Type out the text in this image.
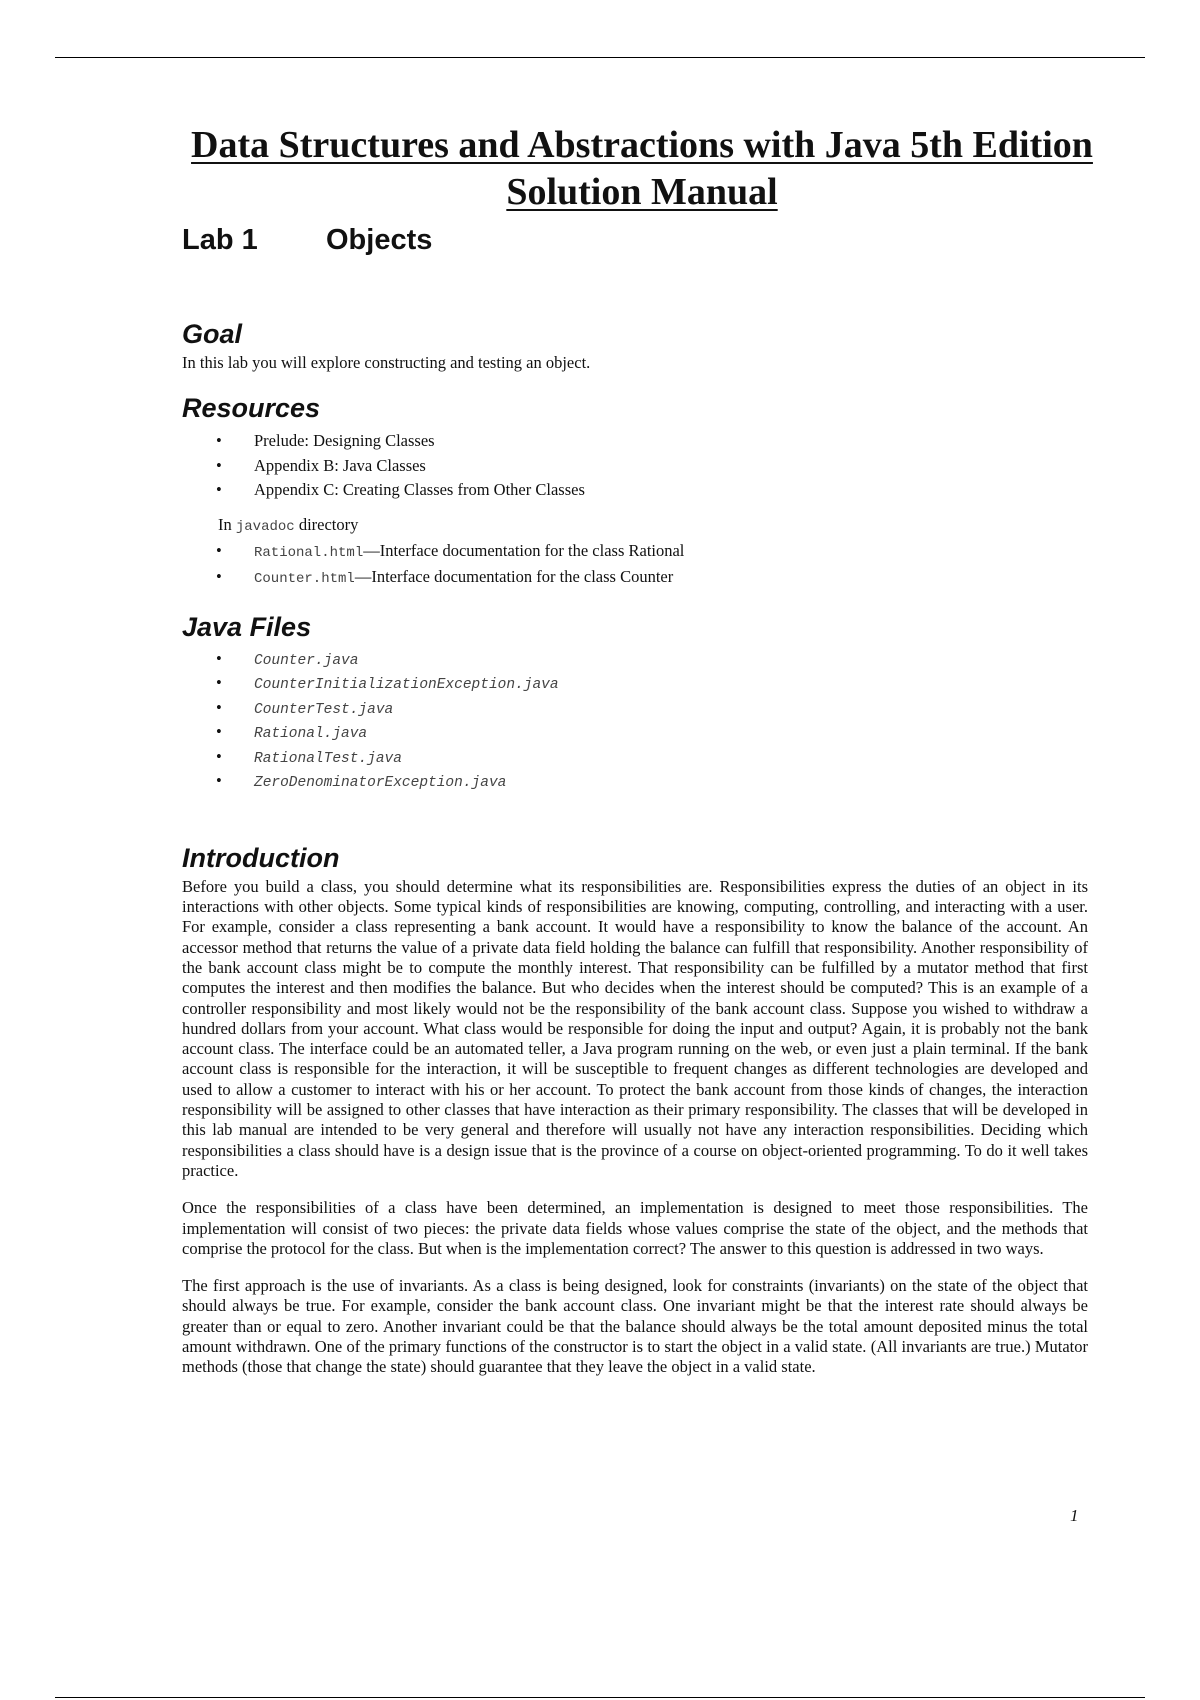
Data Structures and Abstractions with Java 5th Edition
Solution Manual
Lab 1	Objects
Goal

In this lab you will explore constructing and testing an object.

Resources
• Prelude: Designing Classes
• Appendix B: Java Classes
• Appendix C: Creating Classes from Other Classes
In javadoc directory
• Rational.html—Interface documentation for the class Rational
• Counter.html—Interface documentation for the class Counter
Java Files
• Counter.java
• CounterInitializationException.java
• CounterTest.java
• Rational.java
• RationalTest.java
• ZeroDenominatorException.java
Introduction

Before you build a class, you should determine what its responsibilities are. Responsibilities express the duties of an object in its interactions with other objects. Some typical kinds of responsibilities are knowing, computing, controlling, and interacting with a user. For example, consider a class representing a bank account. It would have a responsibility to know the balance of the account. An accessor method that returns the value of a private data field holding the balance can fulfill that responsibility. Another responsibility of the bank account class might be to compute the monthly interest. That responsibility can be fulfilled by a mutator method that first computes the interest and then modifies the balance. But who decides when the interest should be computed? This is an example of a controller responsibility and most likely would not be the responsibility of the bank account class. Suppose you wished to withdraw a hundred dollars from your account. What class would be responsible for doing the input and output? Again, it is probably not the bank account class. The interface could be an automated teller, a Java program running on the web, or even just a plain terminal. If the bank account class is responsible for the interaction, it will be susceptible to frequent changes as different technologies are developed and used to allow a customer to interact with his or her account. To protect the bank account from those kinds of changes, the interaction responsibility will be assigned to other classes that have interaction as their primary responsibility. The classes that will be developed in this lab manual are intended to be very general and therefore will usually not have any interaction responsibilities. Deciding which responsibilities a class should have is a design issue that is the province of a course on object-oriented programming. To do it well takes practice.

Once the responsibilities of a class have been determined, an implementation is designed to meet those responsibilities. The implementation will consist of two pieces: the private data fields whose values comprise the state of the object, and the methods that comprise the protocol for the class. But when is the implementation correct? The answer to this question is addressed in two ways.

The first approach is the use of invariants. As a class is being designed, look for constraints (invariants) on the state of the object that should always be true. For example, consider the bank account class. One invariant might be that the interest rate should always be greater than or equal to zero. Another invariant could be that the balance should always be the total amount deposited minus the total amount withdrawn. One of the primary functions of the constructor is to start the object in a valid state. (All invariants are true.) Mutator methods (those that change the state) should guarantee that they leave the object in a valid state.

1
